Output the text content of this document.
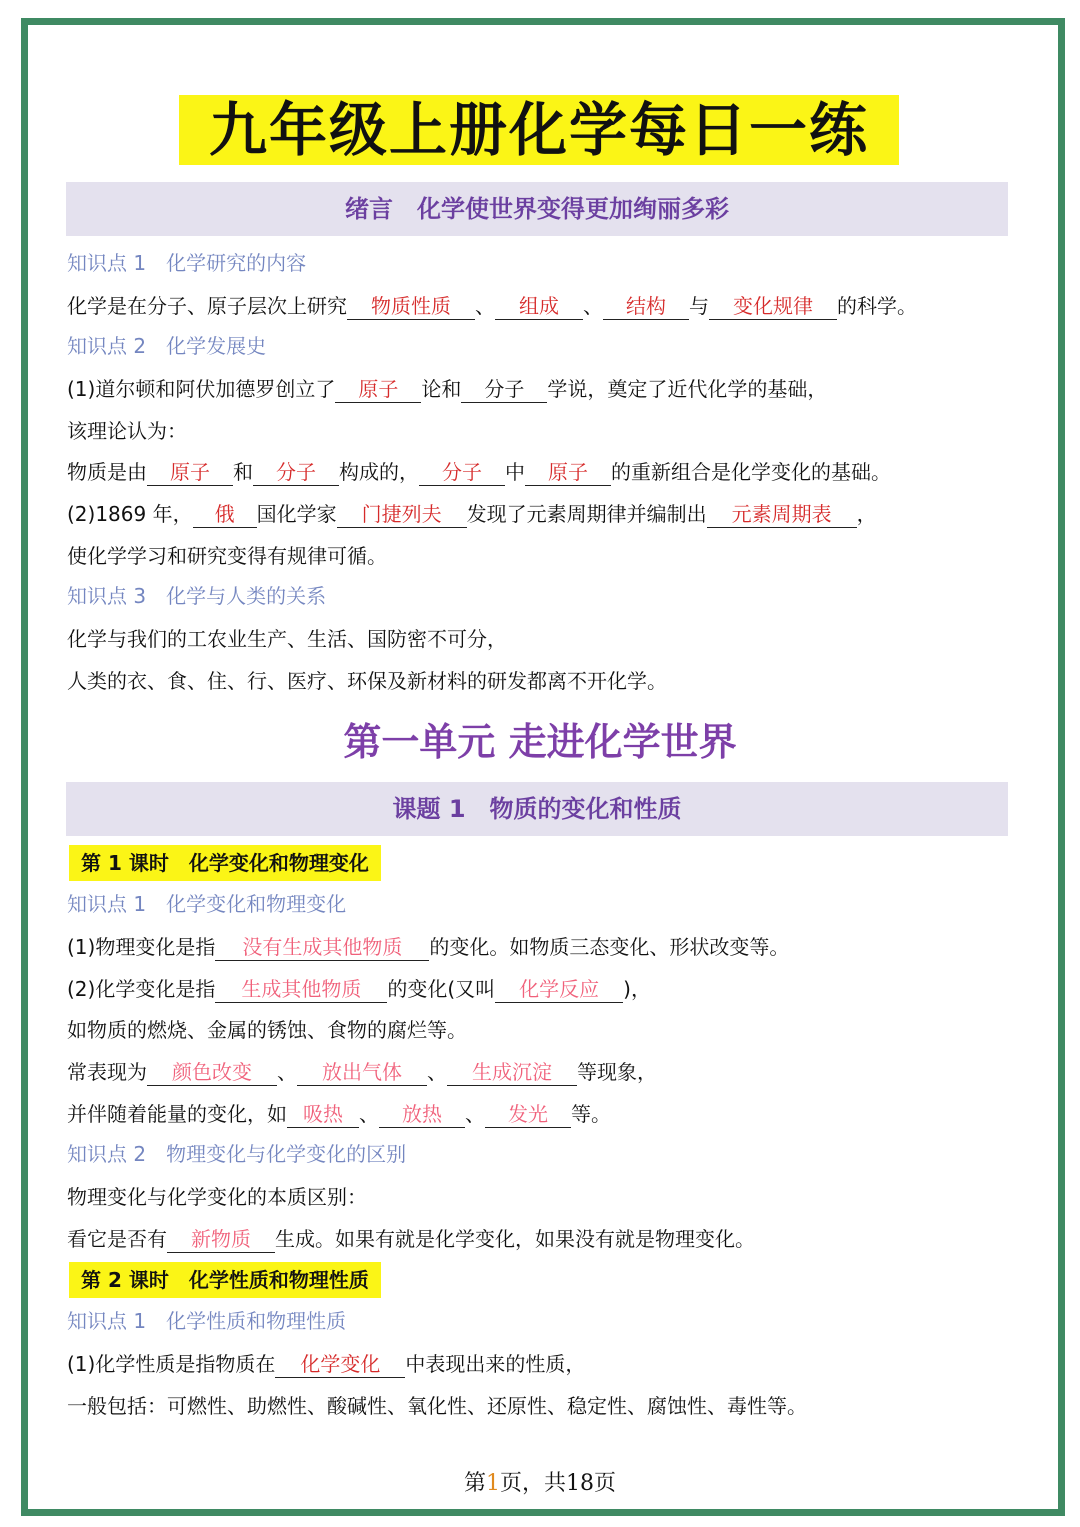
九年级上册化学每日一练
绪言　化学使世界变得更加绚丽多彩
知识点 1　化学研究的内容
化学是在分子、原子层次上研究 物质性质 、 组成 、 结构 与 变化规律 的科学。
知识点 2　化学发展史
(1)道尔顿和阿伏加德罗创立了 原子 论和 分子 学说，奠定了近代化学的基础，
该理论认为：
物质是由 原子 和 分子 构成的， 分子 中 原子 的重新组合是化学变化的基础。
(2)1869 年， 俄 国化学家 门捷列夫 发现了元素周期律并编制出 元素周期表 ，
使化学学习和研究变得有规律可循。
知识点 3　化学与人类的关系
化学与我们的工农业生产、生活、国防密不可分，
人类的衣、食、住、行、医疗、环保及新材料的研发都离不开化学。
第一单元 走进化学世界
课题 1　物质的变化和性质
第 1 课时　化学变化和物理变化
知识点 1　化学变化和物理变化
(1)物理变化是指 没有生成其他物质 的变化。如物质三态变化、形状改变等。
(2)化学变化是指 生成其他物质 的变化(又叫 化学反应 )，
如物质的燃烧、金属的锈蚀、食物的腐烂等。
常表现为 颜色改变 、 放出气体 、 生成沉淀 等现象，
并伴随着能量的变化，如 吸热 、 放热 、 发光 等。
知识点 2　物理变化与化学变化的区别
物理变化与化学变化的本质区别：
看它是否有 新物质 生成。如果有就是化学变化，如果没有就是物理变化。
第 2 课时　化学性质和物理性质
知识点 1　化学性质和物理性质
(1)化学性质是指物质在 化学变化 中表现出来的性质，
一般包括：可燃性、助燃性、酸碱性、氧化性、还原性、稳定性、腐蚀性、毒性等。
第1页，共18页
